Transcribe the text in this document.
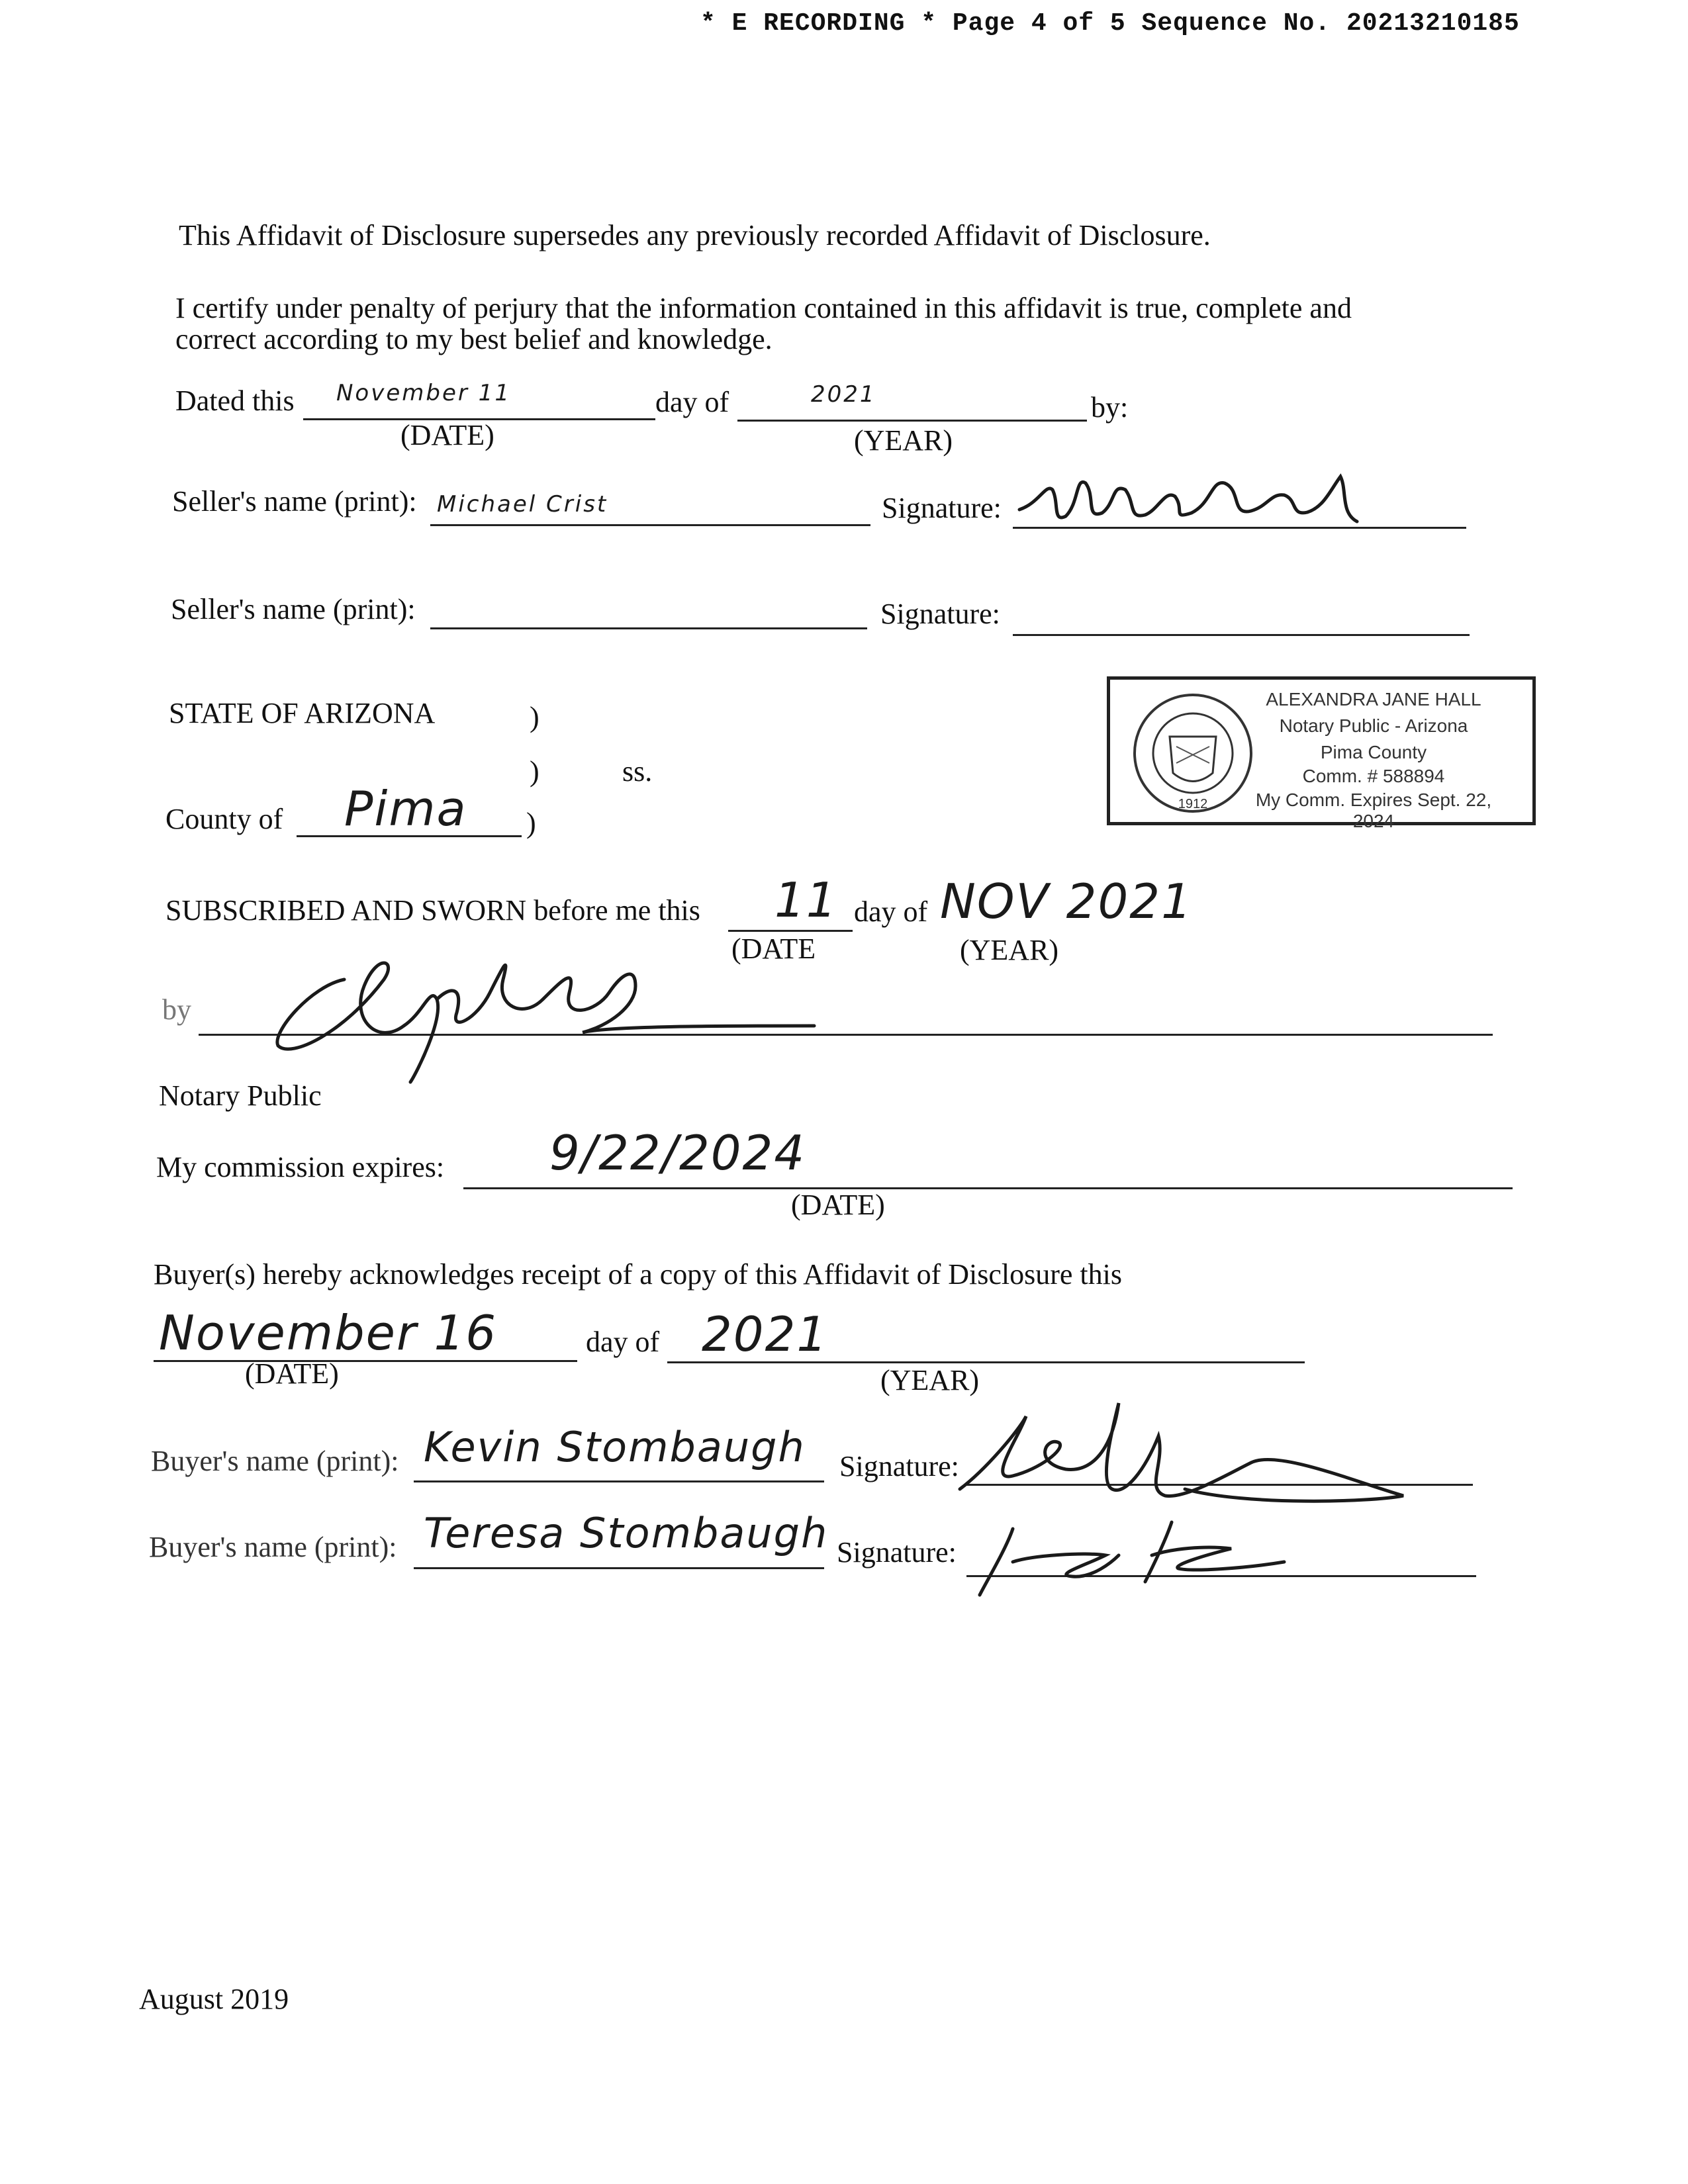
* E RECORDING * Page 4 of 5 Sequence No. 20213210185
This Affidavit of Disclosure supersedes any previously recorded Affidavit of Disclosure.
I certify under penalty of perjury that the information contained in this affidavit is true, complete and
correct according to my best belief and knowledge.
Dated this November 11	day of	2021	by:
(DATE)	(YEAR)
Seller's name (print): Michael Crist	Signature:
Seller's name (print):	Signature:
STATE OF ARIZONA	)
)	ss.
County of Pima )
1912
ALEXANDRA JANE HALL
Notary Public - Arizona
Pima County
Comm. # 588894
My Comm. Expires Sept. 22, 2024
SUBSCRIBED AND SWORN before me this 11 day of NOV 2021
(DATE	(YEAR)
by
Notary Public
My commission expires: 9/22/2024
(DATE)
Buyer(s) hereby acknowledges receipt of a copy of this Affidavit of Disclosure this
November 16	day of 2021
(DATE)	(YEAR)
Buyer's name (print): Kevin Stombaugh Signature:
Buyer's name (print): Teresa Stombaugh Signature:
August 2019
